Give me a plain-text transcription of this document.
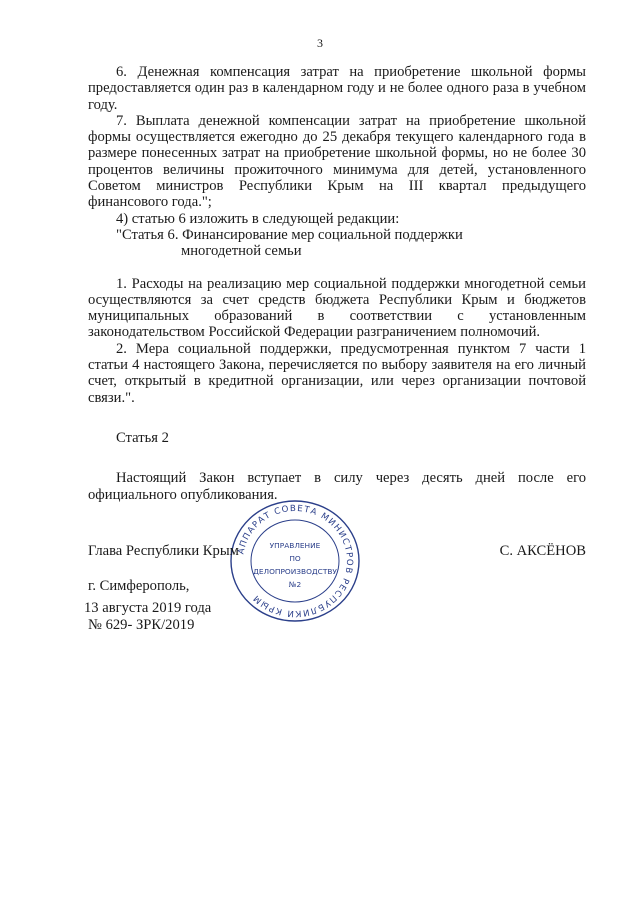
3

6. Денежная компенсация затрат на приобретение школьной формы предоставляется один раз в календарном году и не более одного раза в учебном году.

7. Выплата денежной компенсации затрат на приобретение школьной формы осуществляется ежегодно до 25 декабря текущего календарного года в размере понесенных затрат на приобретение школьной формы, но не более 30 процентов величины прожиточного минимума для детей, установленного Советом министров Республики Крым на III квартал предыдущего финансового года.";

4) статью 6 изложить в следующей редакции:

"Статья 6. Финансирование мер социальной поддержки

многодетной семьи

1. Расходы на реализацию мер социальной поддержки многодетной семьи осуществляются за счет средств бюджета Республики Крым и бюджетов муниципальных образований в соответствии с установленным законодательством Российской Федерации разграничением полномочий.

2. Мера социальной поддержки, предусмотренная пунктом 7 части 1 статьи 4 настоящего Закона, перечисляется по выбору заявителя на его личный счет, открытый в кредитной организации, или через организации почтовой связи.".

Статья 2

Настоящий Закон вступает в силу через десять дней после его официального опубликования.

АППАРАТ СОВЕТА МИНИСТРОВ РЕСПУБЛИКИ КРЫМ
УПРАВЛЕНИЕ
ПО
ДЕЛОПРОИЗВОДСТВУ
№2
Глава Республики Крым	С. АКСЁНОВ
г. Симферополь,
13 августа 2019 года
№ 629- ЗРК/2019
